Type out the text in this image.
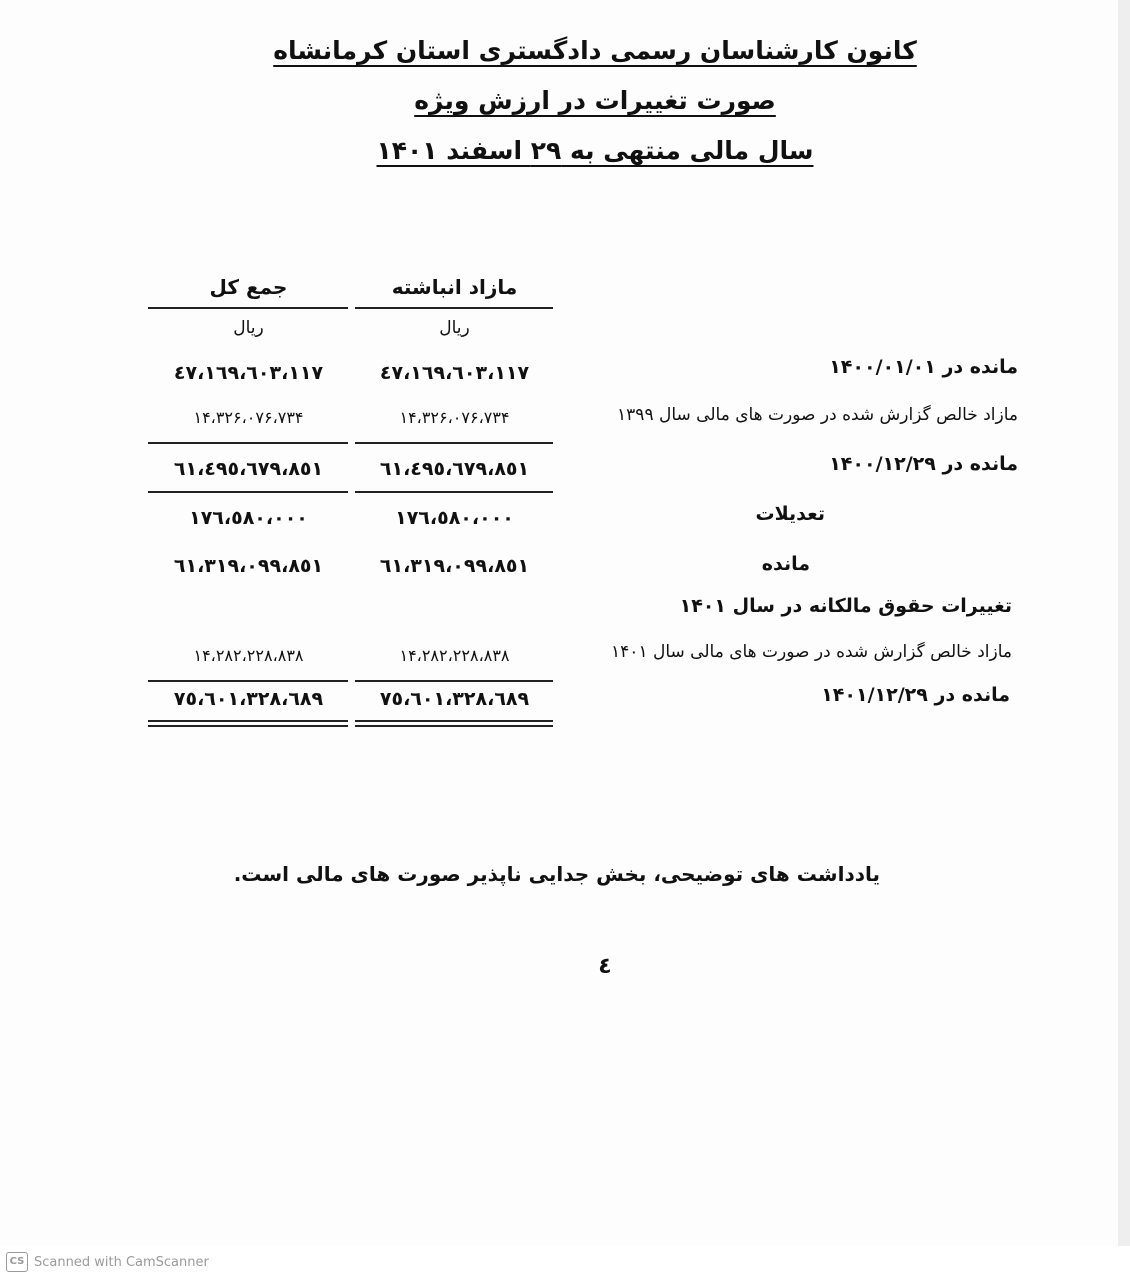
کانون کارشناسان رسمی دادگستری استان کرمانشاه
صورت تغییرات در ارزش ویژه
سال مالی منتهی به ۲۹ اسفند ۱۴۰۱
مازاد انباشته
جمع کل
ریال
ریال
مانده در ۱۴۰۰/۰۱/۰۱
٤٧،١٦٩،٦٠٣،١١٧
٤٧،١٦٩،٦٠٣،١١٧
مازاد خالص گزارش شده در صورت های مالی سال ۱۳۹۹
۱۴،۳۲۶،۰۷۶،۷۳۴
۱۴،۳۲۶،۰۷۶،۷۳۴
مانده در ۱۴۰۰/۱۲/۲۹
٦١،٤٩٥،٦٧٩،٨٥١
٦١،٤٩٥،٦٧٩،٨٥١
تعدیلات
١٧٦،٥٨٠،٠٠٠
١٧٦،٥٨٠،٠٠٠
مانده
٦١،٣١٩،٠٩٩،٨٥١
٦١،٣١٩،٠٩٩،٨٥١
تغییرات حقوق مالکانه در سال ۱۴۰۱
مازاد خالص گزارش شده در صورت های مالی سال ۱۴۰۱
۱۴،۲۸۲،۲۲۸،۸۳۸
۱۴،۲۸۲،۲۲۸،۸۳۸
مانده در ۱۴۰۱/۱۲/۲۹
٧٥،٦٠١،٣٢٨،٦٨٩
٧٥،٦٠١،٣٢٨،٦٨٩
یادداشت های توضیحی، بخش جدایی ناپذیر صورت های مالی است.
٤
CS Scanned with CamScanner
